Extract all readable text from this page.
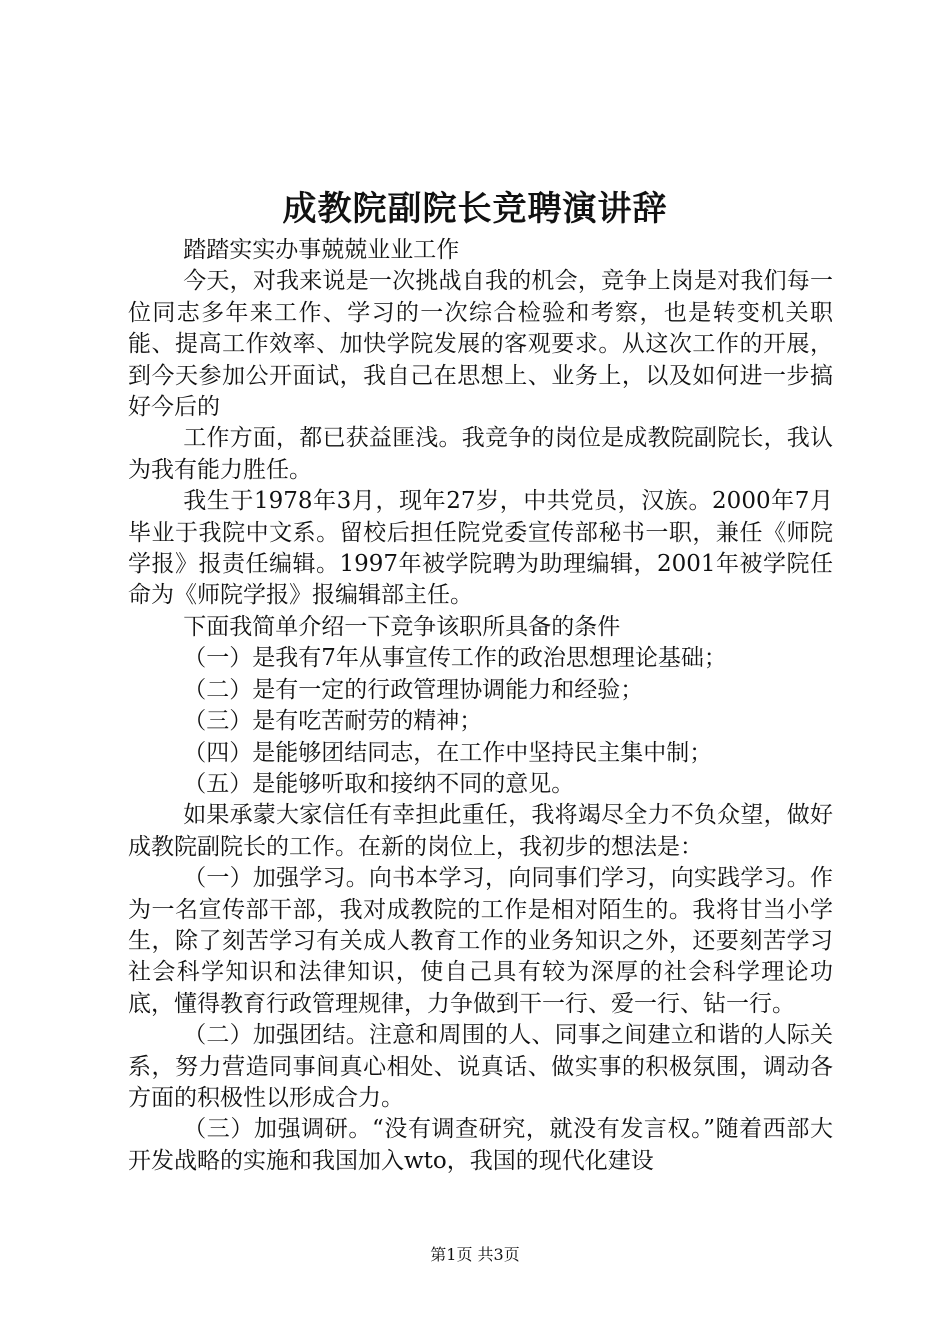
成教院副院长竞聘演讲辞

踏踏实实办事兢兢业业工作

今天，对我来说是一次挑战自我的机会，竞争上岗是对我们每一位同志多年来工作、学习的一次综合检验和考察，也是转变机关职能、提高工作效率、加快学院发展的客观要求。从这次工作的开展，到今天参加公开面试，我自己在思想上、业务上，以及如何进一步搞好今后的

工作方面，都已获益匪浅。我竞争的岗位是成教院副院长，我认为我有能力胜任。

我生于1978年3月，现年27岁，中共党员，汉族。2000年7月毕业于我院中文系。留校后担任院党委宣传部秘书一职，兼任《师院学报》报责任编辑。1997年被学院聘为助理编辑，2001年被学院任命为《师院学报》报编辑部主任。

下面我简单介绍一下竞争该职所具备的条件

（一）是我有7年从事宣传工作的政治思想理论基础；

（二）是有一定的行政管理协调能力和经验；

（三）是有吃苦耐劳的精神；

（四）是能够团结同志，在工作中坚持民主集中制；

（五）是能够听取和接纳不同的意见。

如果承蒙大家信任有幸担此重任，我将竭尽全力不负众望，做好成教院副院长的工作。在新的岗位上，我初步的想法是：

（一）加强学习。向书本学习，向同事们学习，向实践学习。作为一名宣传部干部，我对成教院的工作是相对陌生的。我将甘当小学生，除了刻苦学习有关成人教育工作的业务知识之外，还要刻苦学习社会科学知识和法律知识，使自己具有较为深厚的社会科学理论功底，懂得教育行政管理规律，力争做到干一行、爱一行、钻一行。

（二）加强团结。注意和周围的人、同事之间建立和谐的人际关系，努力营造同事间真心相处、说真话、做实事的积极氛围，调动各方面的积极性以形成合力。

（三）加强调研。“没有调查研究，就没有发言权。”随着西部大开发战略的实施和我国加入wto，我国的现代化建设

第1页 共3页
